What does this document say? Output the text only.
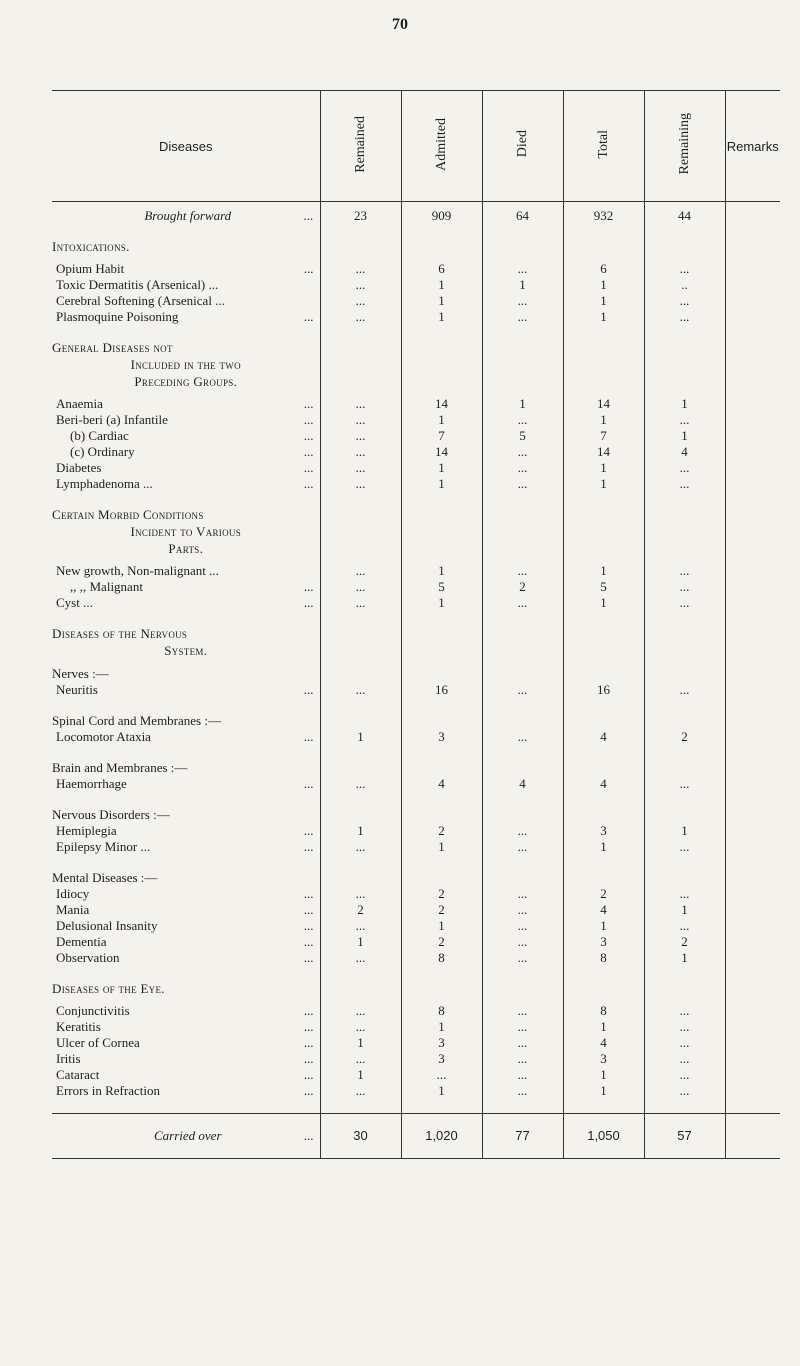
70
Diseases	Remained	Admitted	Died	Total	Remaining	Remarks

Brought forward ...	23	909	64	932	44	

Intoxications.						

Opium Habit ...	...	6	...	6	...	
Toxic Dermatitis (Arsenical) ...	...	1	1	1	..	
Cerebral Softening (Arsenical ...	...	1	...	1	...	
Plasmoquine Poisoning ...	...	1	...	1	...	

General Diseases not						
Included in the two						
Preceding Groups.						

Anaemia ...	...	14	1	14	1	
Beri-beri (a) Infantile ...	...	1	...	1	...	
(b) Cardiac ...	...	7	5	7	1	
(c) Ordinary ...	...	14	...	14	4	
Diabetes ...	...	1	...	1	...	
Lymphadenoma ... ...	...	1	...	1	...	

Certain Morbid Conditions						
Incident to Various						
Parts.						

New growth, Non-malignant ...	...	1	...	1	...	
,, ,, Malignant ...	...	5	2	5	...	
Cyst ... ...	...	1	...	1	...	

Diseases of the Nervous						
System.						

Nerves :—						
Neuritis ...	...	16	...	16	...	

Spinal Cord and Membranes :—						
Locomotor Ataxia ...	1	3	...	4	2	

Brain and Membranes :—						
Haemorrhage ...	...	4	4	4	...	

Nervous Disorders :—						
Hemiplegia ...	1	2	...	3	1	
Epilepsy Minor ... ...	...	1	...	1	...	

Mental Diseases :—						
Idiocy ...	...	2	...	2	...	
Mania ...	2	2	...	4	1	
Delusional Insanity ...	...	1	...	1	...	
Dementia ...	1	2	...	3	2	
Observation ...	...	8	...	8	1	

Diseases of the Eye.						

Conjunctivitis ...	...	8	...	8	...	
Keratitis ...	...	1	...	1	...	
Ulcer of Cornea ...	1	3	...	4	...	
Iritis ...	...	3	...	3	...	
Cataract ...	1	...	...	1	...	
Errors in Refraction ...	...	1	...	1	...	

Carried over ...	30	1,020	77	1,050	57	
